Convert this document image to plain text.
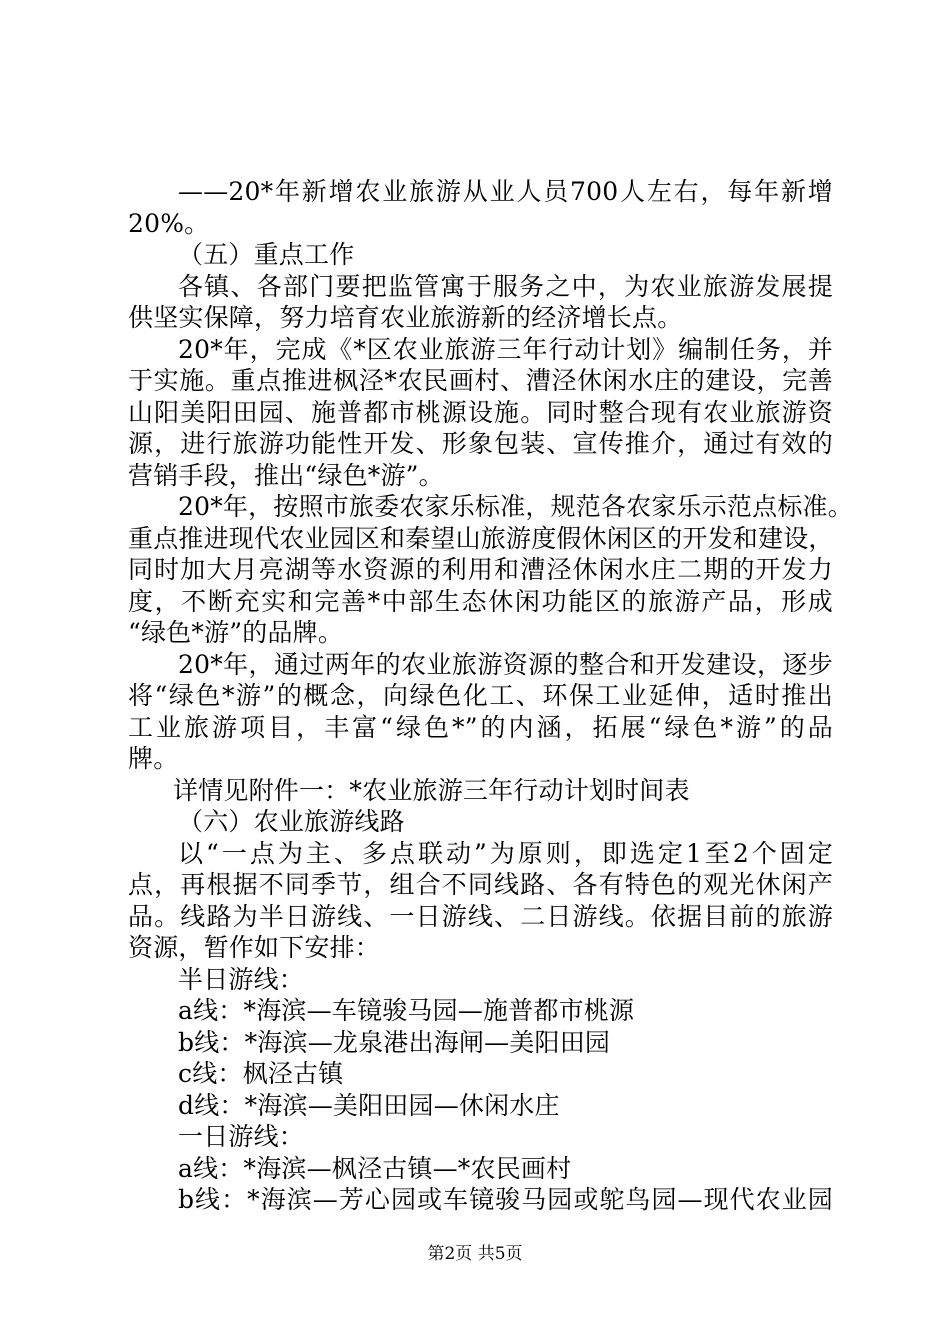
——20*年新增农业旅游从业人员700人左右，每年新增
20%。
（五）重点工作
各镇、各部门要把监管寓于服务之中，为农业旅游发展提
供坚实保障，努力培育农业旅游新的经济增长点。
20*年，完成《*区农业旅游三年行动计划》编制任务，并
于实施。重点推进枫泾*农民画村、漕泾休闲水庄的建设，完善
山阳美阳田园、施普都市桃源设施。同时整合现有农业旅游资
源，进行旅游功能性开发、形象包装、宣传推介，通过有效的
营销手段，推出“绿色*游”。
20*年，按照市旅委农家乐标准，规范各农家乐示范点标准。
重点推进现代农业园区和秦望山旅游度假休闲区的开发和建设，
同时加大月亮湖等水资源的利用和漕泾休闲水庄二期的开发力
度，不断充实和完善*中部生态休闲功能区的旅游产品，形成
“绿色*游”的品牌。
20*年，通过两年的农业旅游资源的整合和开发建设，逐步
将“绿色*游”的概念，向绿色化工、环保工业延伸，适时推出
工业旅游项目，丰富“绿色*”的内涵，拓展“绿色*游”的品
牌。
详情见附件一：*农业旅游三年行动计划时间表
（六）农业旅游线路
以“一点为主、多点联动”为原则，即选定1至2个固定
点，再根据不同季节，组合不同线路、各有特色的观光休闲产
品。线路为半日游线、一日游线、二日游线。依据目前的旅游
资源，暂作如下安排：
半日游线：
a线：*海滨—车镜骏马园—施普都市桃源
b线：*海滨—龙泉港出海闸—美阳田园
c线：枫泾古镇
d线：*海滨—美阳田园—休闲水庄
一日游线：
a线：*海滨—枫泾古镇—*农民画村
b线：*海滨—芳心园或车镜骏马园或鸵鸟园—现代农业园
第2页 共5页
